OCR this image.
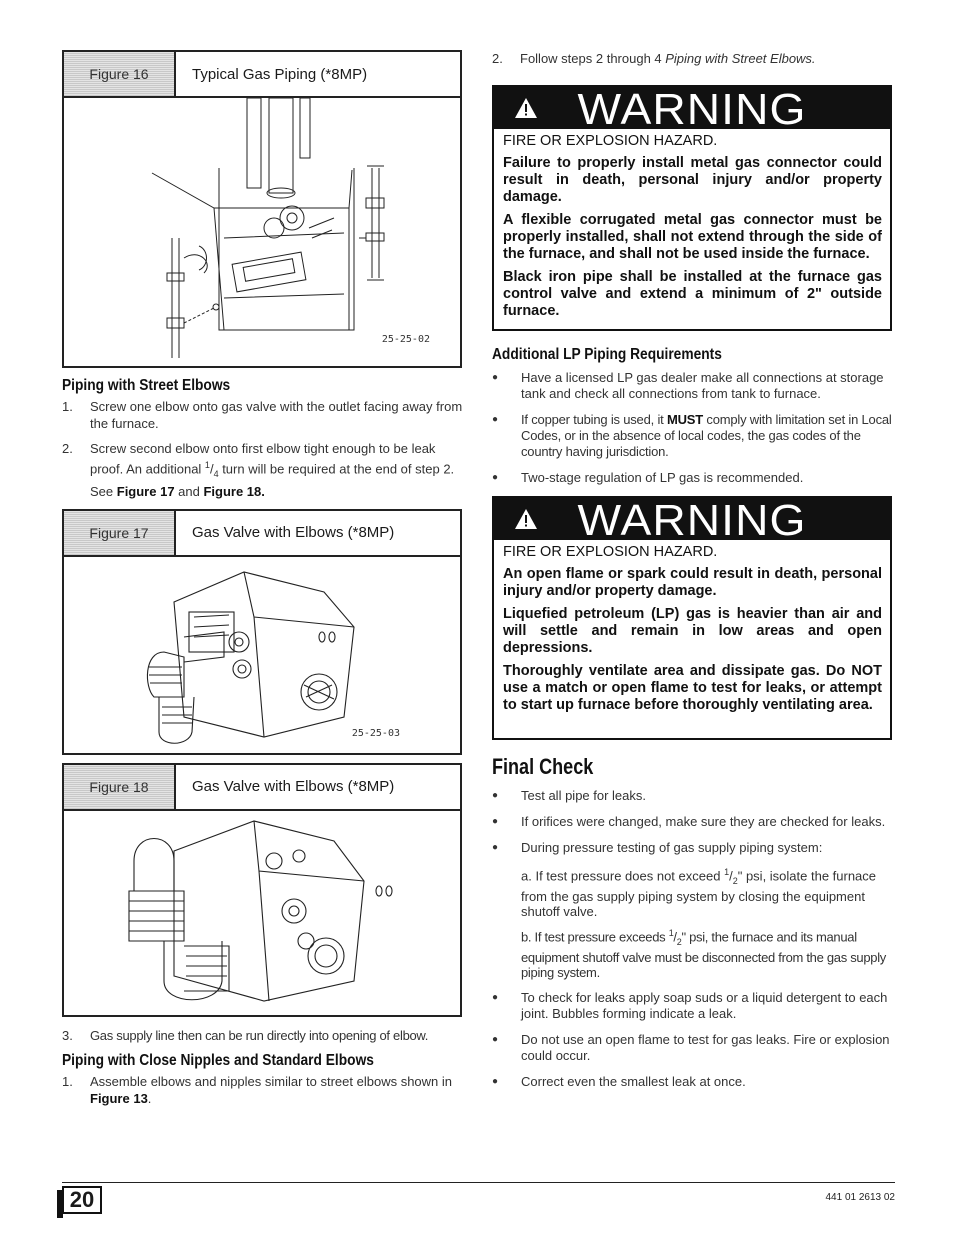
Figure 16	Typical Gas Piping (*8MP)
25-25-02
Piping with Street Elbows
1.	Screw one elbow onto gas valve with the outlet facing away from the furnace.
2.	Screw second elbow onto first elbow tight enough to be leak proof. An additional $^1/_4$ turn will be required at the end of step 2. See Figure 17 and Figure 18.
Figure 17	Gas Valve with Elbows (*8MP)
25-25-03
Figure 18	Gas Valve with Elbows (*8MP)
3.	Gas supply line then can be run directly into opening of elbow.
Piping with Close Nipples and Standard Elbows
1.	Assemble elbows and nipples similar to street elbows shown in Figure 13.
2.	Follow steps 2 through 4 Piping with Street Elbows.
WARNING
FIRE OR EXPLOSION HAZARD.
Failure to properly install metal gas connector could result in death, personal injury and/or property damage.
A flexible corrugated metal gas connector must be properly installed, shall not extend through the side of the furnace, and shall not be used inside the furnace.
Black iron pipe shall be installed at the furnace gas control valve and extend a minimum of 2" outside furnace.
Additional LP Piping Requirements
●	Have a licensed LP gas dealer make all connections at storage tank and check all connections from tank to furnace.
●	If copper tubing is used, it MUST comply with limitation set in Local Codes, or in the absence of local codes, the gas codes of the country having jurisdiction.
●	Two-stage regulation of LP gas is recommended.
WARNING
FIRE OR EXPLOSION HAZARD.
An open flame or spark could result in death, personal injury and/or property damage.
Liquefied petroleum (LP) gas is heavier than air and will settle and remain in low areas and open depressions.
Thoroughly ventilate area and dissipate gas. Do NOT use a match or open flame to test for leaks, or attempt to start up furnace before thoroughly ventilating area.
Final Check
●	Test all pipe for leaks.
●	If orifices were changed, make sure they are checked for leaks.
●	During pressure testing of gas supply piping system:
a. If test pressure does not exceed $^1/_2$" psi, isolate the furnace from the gas supply piping system by closing the equipment shutoff valve.
b. If test pressure exceeds $^1/_2$" psi, the furnace and its manual equipment shutoff valve must be disconnected from the gas supply piping system.
●	To check for leaks apply soap suds or a liquid detergent to each joint. Bubbles forming indicate a leak.
●	Do not use an open flame to test for gas leaks. Fire or explosion could occur.
●	Correct even the smallest leak at once.
20	441 01 2613 02
